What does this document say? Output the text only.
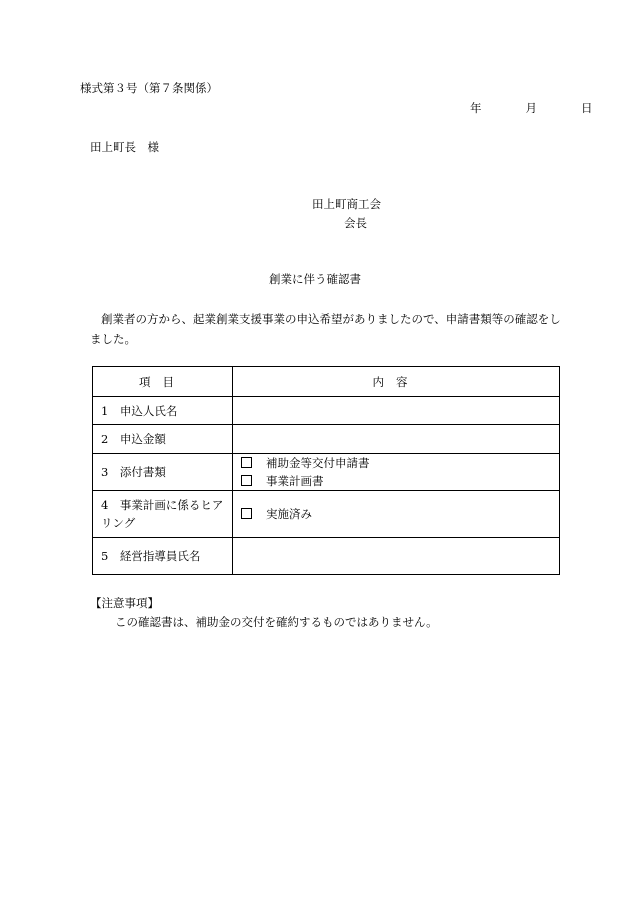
様式第３号（第７条関係）
年	月	日
田上町長　様
田上町商工会
会長
創業に伴う確認書
創業者の方から、起業創業支援事業の申込希望がありましたので、申請書類等の確認をしました。
項目	内容
1　申込人氏名	
2　申込金額	
3　添付書類	補助金等交付申請書
事業計画書

4　事業計画に係るヒアリング	実施済み

5　経営指導員氏名	
【注意事項】
この確認書は、補助金の交付を確約するものではありません。
